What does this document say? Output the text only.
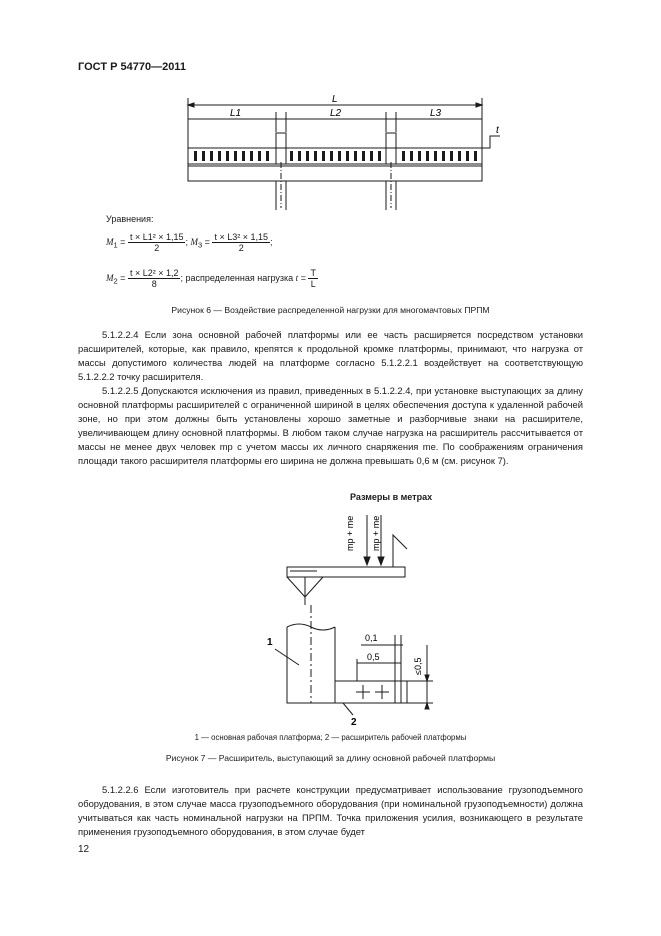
ГОСТ Р 54770—2011
L
L1	L2	L3
t
Уравнения:
$M_1 = \frac{\text{t × L1² × 1,15}}{2}$ ; $M_3 = \frac{\text{t × L3² × 1,15}}{2}$ ;
$M_2 = \frac{\text{t × L2² × 1,2}}{8}$ ; распределенная нагрузка $t = \frac{T}{L}$
Рисунок 6 — Воздействие распределенной нагрузки для многомачтовых ПРПМ
5.1.2.2.4 Если зона основной рабочей платформы или ее часть расширяется посредством установки расширителей, которые, как правило, крепятся к продольной кромке платформы, принимают, что нагрузка от массы допустимого количества людей на платформе согласно 5.1.2.2.1 воздействует на соответствующую 5.1.2.2.2 точку расширителя.
5.1.2.2.5 Допускаются исключения из правил, приведенных в 5.1.2.2.4, при установке выступающих за длину основной платформы расширителей с ограниченной шириной в целях обеспечения доступа к удаленной рабочей зоне, но при этом должны быть установлены хорошо заметные и разборчивые знаки на расширителе, увеличивающем длину основной платформы. В любом таком случае нагрузка на расширитель рассчитывается от массы не менее двух человек mp с учетом массы их личного снаряжения me. По соображениям ограничения площади такого расширителя платформы его ширина не должна превышать 0,6 м (см. рисунок 7).
Размеры в метрах
mp + me mp + me
0,1
0,5
≤0,5
1
2
1 — основная рабочая платформа; 2 — расширитель рабочей платформы
Рисунок 7 — Расширитель, выступающий за длину основной рабочей платформы
5.1.2.2.6 Если изготовитель при расчете конструкции предусматривает использование грузоподъемного оборудования, в этом случае масса грузоподъемного оборудования (при номинальной грузоподъемности) должна учитываться как часть номинальной нагрузки на ПРПМ. Точка приложения усилия, возникающего в результате применения грузоподъемного оборудования, в этом случае будет
12
